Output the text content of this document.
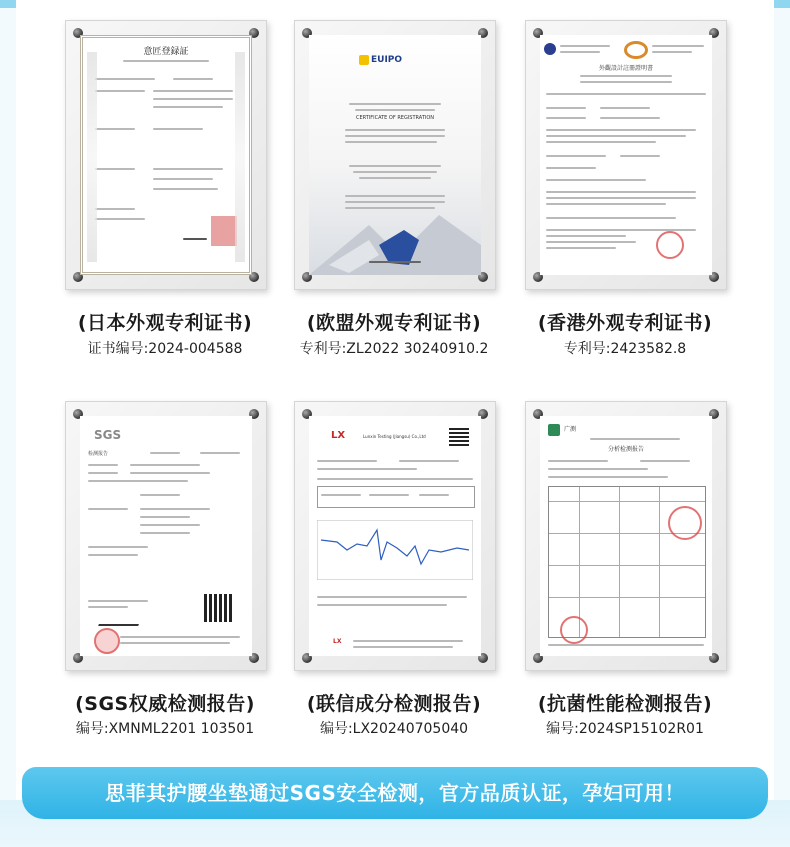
意匠登録証
(日本外观专利证书)
证书编号:2024-004588
EUIPO
CERTIFICATE OF REGISTRATION
(欧盟外观专利证书)
专利号:ZL2022 30240910.2
外觀設計註冊證明書
(香港外观专利证书)
专利号:2423582.8
SGS
检测报告
(SGS权威检测报告)
编号:XMNML2201 103501
LX	Lunxin Testing (Jiangsu) Co.,Ltd
LX
(联信成分检测报告)
编号:LX20240705040
广测
分析检测报告
(抗菌性能检测报告)
编号:2024SP15102R01
思菲其护腰坐垫通过SGS安全检测，官方品质认证，孕妇可用！
